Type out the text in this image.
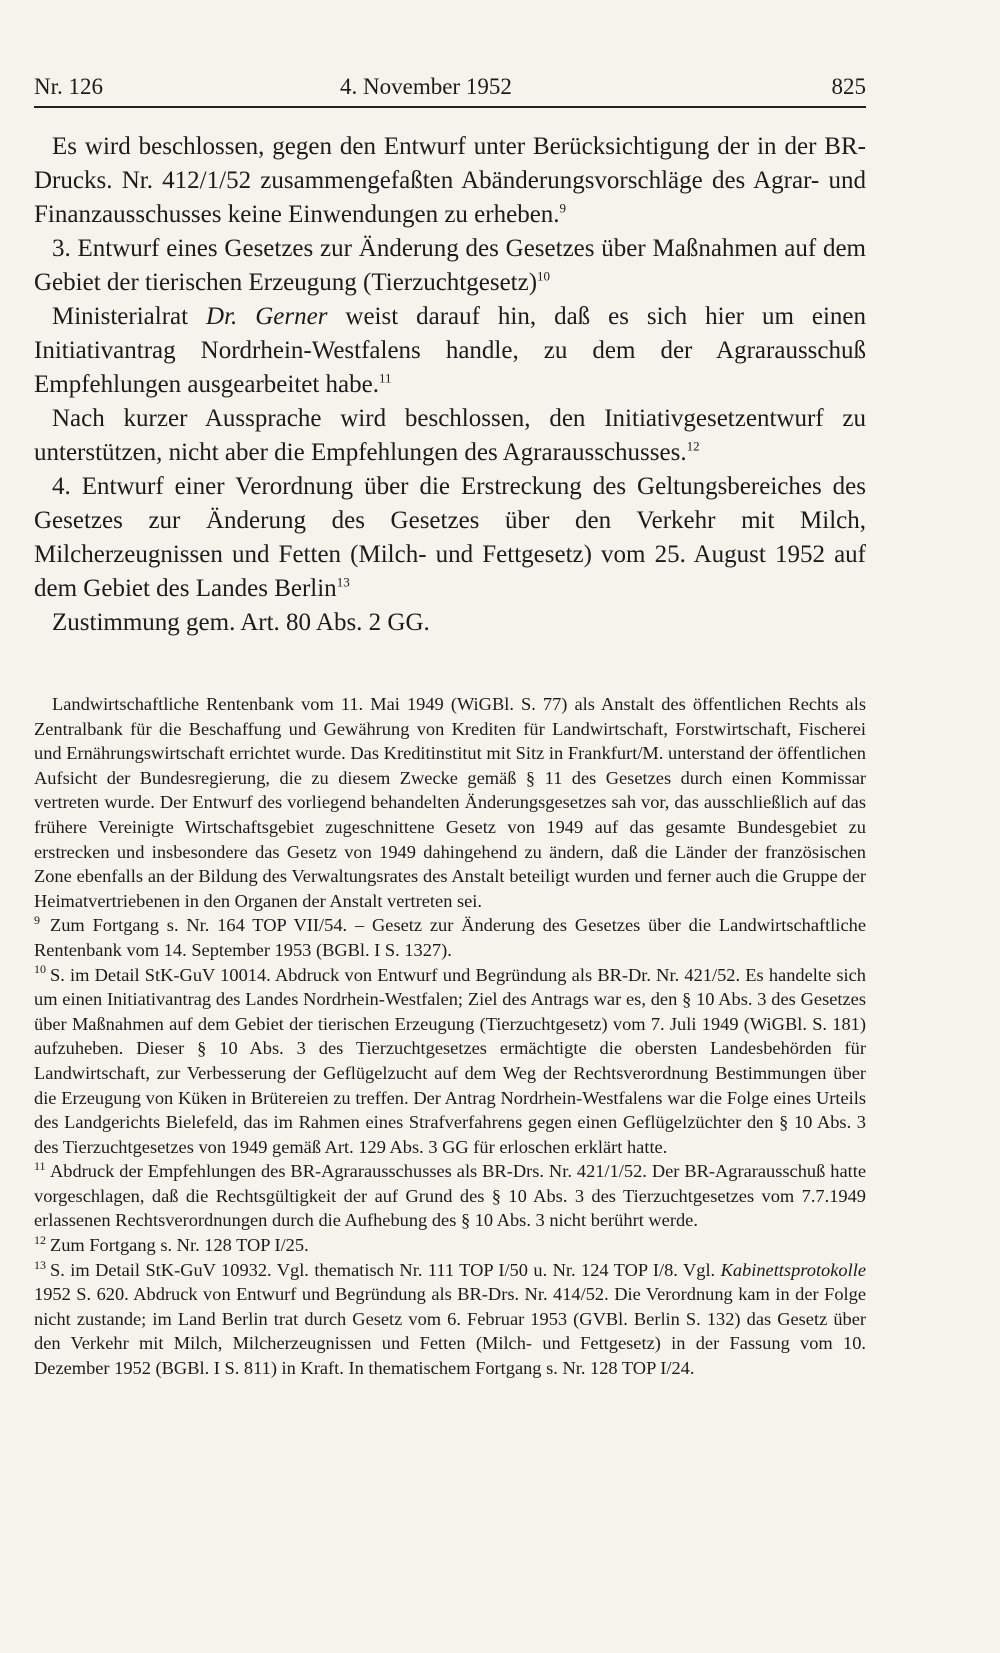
Nr. 126	4. November 1952	825

Es wird beschlossen, gegen den Entwurf unter Berücksichtigung der in der BR-Drucks. Nr. 412/1/52 zusammengefaßten Abänderungsvorschläge des Agrar- und Finanzausschusses keine Einwendungen zu erheben.$^9$

3. Entwurf eines Gesetzes zur Änderung des Gesetzes über Maßnahmen auf dem Gebiet der tierischen Erzeugung (Tierzuchtgesetz)$^{10}$

Ministerialrat Dr. Gerner weist darauf hin, daß es sich hier um einen Initiativantrag Nordrhein-Westfalens handle, zu dem der Agrarausschuß Empfehlungen ausgearbeitet habe.$^{11}$

Nach kurzer Aussprache wird beschlossen, den Initiativgesetzentwurf zu unterstützen, nicht aber die Empfehlungen des Agrarausschusses.$^{12}$

4. Entwurf einer Verordnung über die Erstreckung des Geltungsbereiches des Gesetzes zur Änderung des Gesetzes über den Verkehr mit Milch, Milcherzeugnissen und Fetten (Milch- und Fettgesetz) vom 25. August 1952 auf dem Gebiet des Landes Berlin$^{13}$

Zustimmung gem. Art. 80 Abs. 2 GG.

Landwirtschaftliche Rentenbank vom 11. Mai 1949 (WiGBl. S. 77) als Anstalt des öffentlichen Rechts als Zentralbank für die Beschaffung und Gewährung von Krediten für Landwirtschaft, Forstwirtschaft, Fischerei und Ernährungswirtschaft errichtet wurde. Das Kreditinstitut mit Sitz in Frankfurt/M. unterstand der öffentlichen Aufsicht der Bundesregierung, die zu diesem Zwecke gemäß § 11 des Gesetzes durch einen Kommissar vertreten wurde. Der Entwurf des vorliegend behandelten Änderungsgesetzes sah vor, das ausschließlich auf das frühere Vereinigte Wirtschaftsgebiet zugeschnittene Gesetz von 1949 auf das gesamte Bundesgebiet zu erstrecken und insbesondere das Gesetz von 1949 dahingehend zu ändern, daß die Länder der französischen Zone ebenfalls an der Bildung des Verwaltungsrates des Anstalt beteiligt wurden und ferner auch die Gruppe der Heimatvertriebenen in den Organen der Anstalt vertreten sei.

9 Zum Fortgang s. Nr. 164 TOP VII/54. – Gesetz zur Änderung des Gesetzes über die Landwirtschaftliche Rentenbank vom 14. September 1953 (BGBl. I S. 1327).

10 S. im Detail StK-GuV 10014. Abdruck von Entwurf und Begründung als BR-Dr. Nr. 421/52. Es handelte sich um einen Initiativantrag des Landes Nordrhein-Westfalen; Ziel des Antrags war es, den § 10 Abs. 3 des Gesetzes über Maßnahmen auf dem Gebiet der tierischen Erzeugung (Tierzuchtgesetz) vom 7. Juli 1949 (WiGBl. S. 181) aufzuheben. Dieser § 10 Abs. 3 des Tierzuchtgesetzes ermächtigte die obersten Landesbehörden für Landwirtschaft, zur Verbesserung der Geflügelzucht auf dem Weg der Rechtsverordnung Bestimmungen über die Erzeugung von Küken in Brütereien zu treffen. Der Antrag Nordrhein-Westfalens war die Folge eines Urteils des Landgerichts Bielefeld, das im Rahmen eines Strafverfahrens gegen einen Geflügelzüchter den § 10 Abs. 3 des Tierzuchtgesetzes von 1949 gemäß Art. 129 Abs. 3 GG für erloschen erklärt hatte.

11 Abdruck der Empfehlungen des BR-Agrarausschusses als BR-Drs. Nr. 421/1/52. Der BR-Agrarausschuß hatte vorgeschlagen, daß die Rechtsgültigkeit der auf Grund des § 10 Abs. 3 des Tierzuchtgesetzes vom 7.7.1949 erlassenen Rechtsverordnungen durch die Aufhebung des § 10 Abs. 3 nicht berührt werde.

12 Zum Fortgang s. Nr. 128 TOP I/25.

13 S. im Detail StK-GuV 10932. Vgl. thematisch Nr. 111 TOP I/50 u. Nr. 124 TOP I/8. Vgl. Kabinettsprotokolle 1952 S. 620. Abdruck von Entwurf und Begründung als BR-Drs. Nr. 414/52. Die Verordnung kam in der Folge nicht zustande; im Land Berlin trat durch Gesetz vom 6. Februar 1953 (GVBl. Berlin S. 132) das Gesetz über den Verkehr mit Milch, Milcherzeugnissen und Fetten (Milch- und Fettgesetz) in der Fassung vom 10. Dezember 1952 (BGBl. I S. 811) in Kraft. In thematischem Fortgang s. Nr. 128 TOP I/24.
